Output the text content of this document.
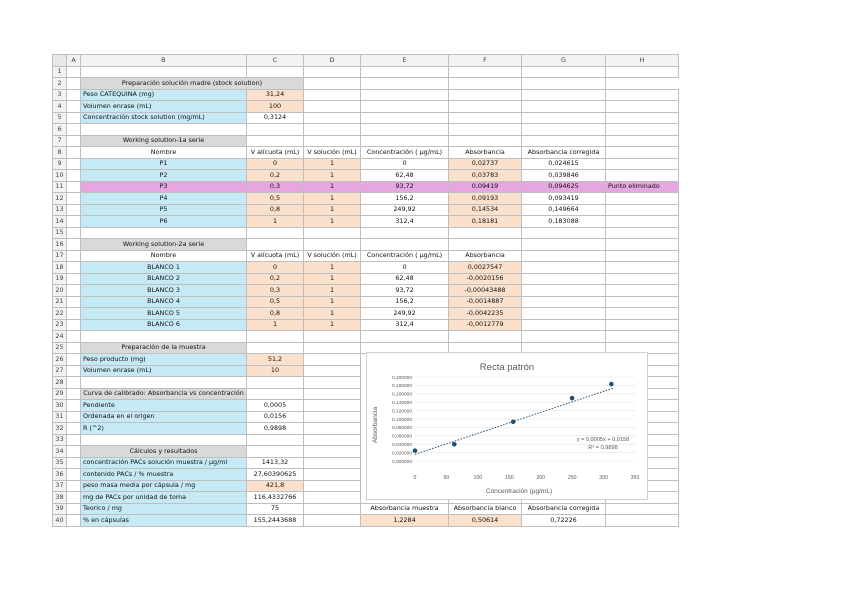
	A	B	C	D	E	F	G	H
1								
2		Preparación solución madre (stock solution)						
3		Peso CATEQUINA (mg)	31,24					
4		Volumen enrase (mL)	100					
5		Concentración stock solution (mg/mL)	0,3124					
6								
7		Working solution-1a serie						
8		Nombre	V alícuota (mL)	V solución (mL)	Concentración ( µg/mL)	Absorbancia	Absorbancia corregida	
9		P1	0	1	0	0,02737	0,024615	
10		P2	0,2	1	62,48	0,03783	0,039846	
11		P3	0,3	1	93,72	0,09419	0,094625	Punto eliminado
12		P4	0,5	1	156,2	0,09193	0,093419	
13		P5	0,8	1	249,92	0,14534	0,149664	
14		P6	1	1	312,4	0,18181	0,183088	
15								
16		Working solution-2a serie						
17		Nombre	V alícuota (mL)	V solución (mL)	Concentración ( µg/mL)	Absorbancia		
18		BLANCO 1	0	1	0	0,0027547		
19		BLANCO 2	0,2	1	62,48	-0,0020156		
20		BLANCO 3	0,3	1	93,72	-0,00043488		
21		BLANCO 4	0,5	1	156,2	-0,0014887		
22		BLANCO 5	0,8	1	249,92	-0,0042235		
23		BLANCO 6	1	1	312,4	-0,0012779		
24								
25		Preparación de la muestra						
26		Peso producto (mg)	51,2					
27		Volumen enrase (mL)	10					
28								
29		Curva de calibrado: Absorbancia vs concentración						
30		Pendiente	0,0005					
31		Ordenada en el origen	0,0156					
32		R (^2)	0,9898					
33								
34		Cálculos y resultados						
35		concentración PACs solución muestra / µg/ml	1413,32					
36		contenido PACs / % muestra	27,60390625					
37		peso masa media por cápsula / mg	421,8					
38		mg de PACs por unidad de toma	116,4332766					
39		Teorico / mg	75		Absorbancia muestra	Absorbancia blanco	Absorbancia corregida	
40		% en cápsulas	155,2443688		1,2284	0,50614	0,72226	
Recta patrón
0,000000
0,020000
0,040000
0,060000
0,080000
0,100000
0,120000
0,140000
0,160000
0,180000
0,200000
0	50	100	150	200	250	300	350
Absorbancia
Concentración (µg/mL)
y = 0,0005x + 0,0158
R² = 0,9898
